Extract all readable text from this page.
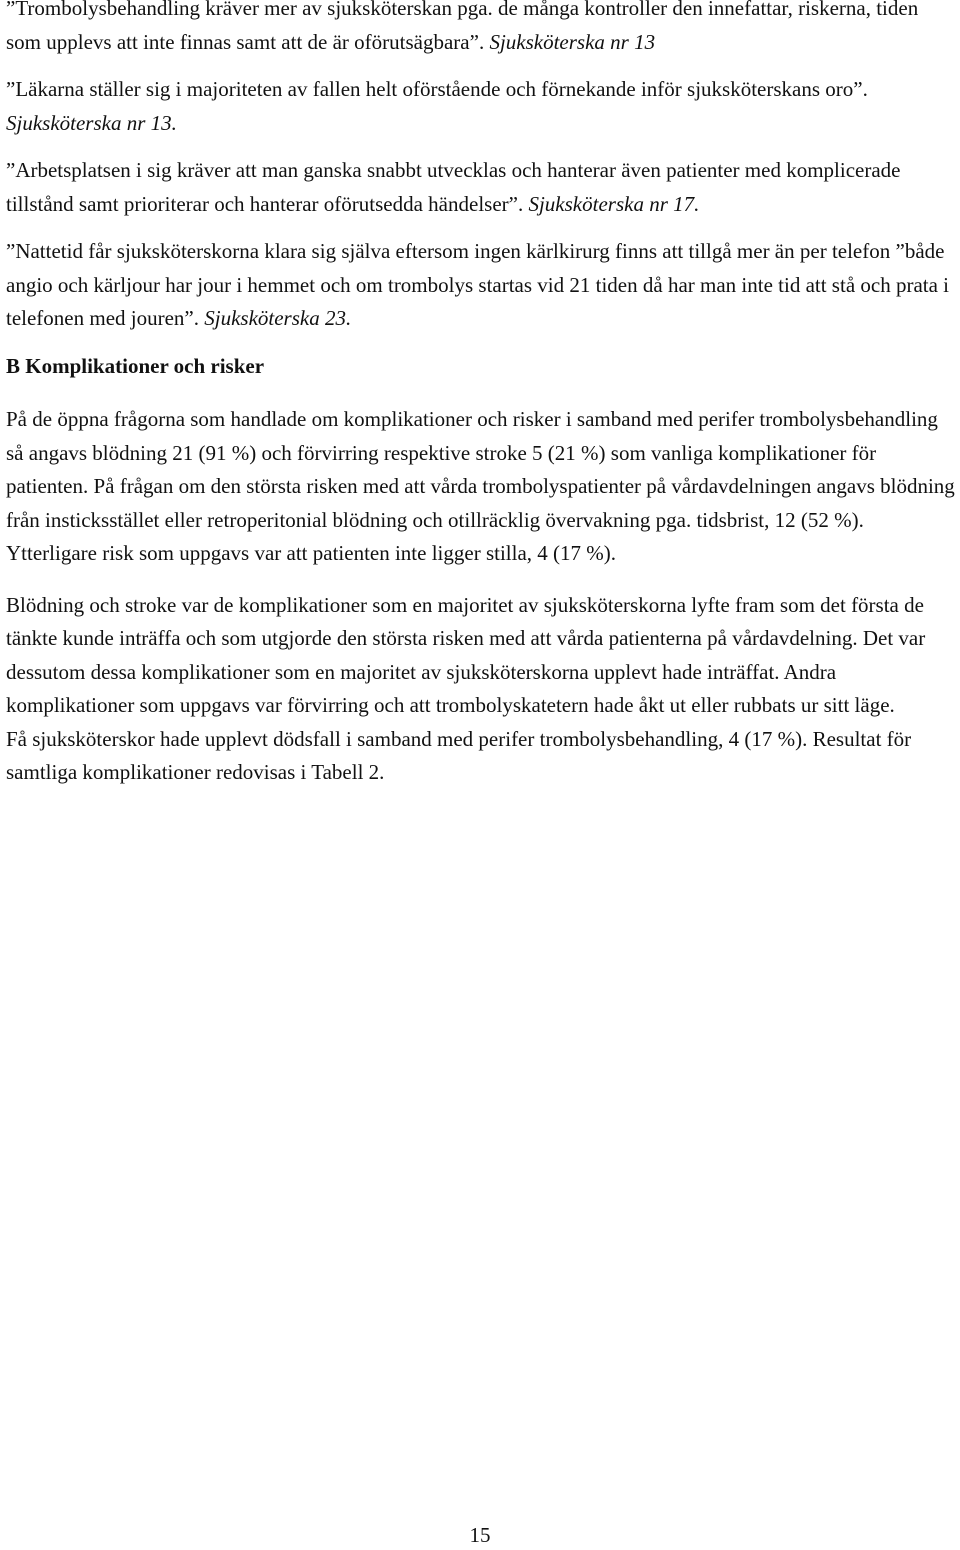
”Trombolysbehandling kräver mer av sjuksköterskan pga. de många kontroller den innefattar, riskerna, tiden som upplevs att inte finnas samt att de är oförutsägbara”. Sjuksköterska nr 13

”Läkarna ställer sig i majoriteten av fallen helt oförstående och förnekande inför sjuksköterskans oro”. Sjuksköterska nr 13.

”Arbetsplatsen i sig kräver att man ganska snabbt utvecklas och hanterar även patienter med komplicerade tillstånd samt prioriterar och hanterar oförutsedda händelser”. Sjuksköterska nr 17.

”Nattetid får sjuksköterskorna klara sig själva eftersom ingen kärlkirurg finns att tillgå mer än per telefon ”både angio och kärljour har jour i hemmet och om trombolys startas vid 21 tiden då har man inte tid att stå och prata i telefonen med jouren”. Sjuksköterska 23.

B Komplikationer och risker

På de öppna frågorna som handlade om komplikationer och risker i samband med perifer trombolysbehandling så angavs blödning 21 (91 %) och förvirring respektive stroke 5 (21 %) som vanliga komplikationer för patienten. På frågan om den största risken med att vårda trombolyspatienter på vårdavdelningen angavs blödning från insticksstället eller retroperitonial blödning och otillräcklig övervakning pga. tidsbrist, 12 (52 %). Ytterligare risk som uppgavs var att patienten inte ligger stilla, 4 (17 %).

Blödning och stroke var de komplikationer som en majoritet av sjuksköterskorna lyfte fram som det första de tänkte kunde inträffa och som utgjorde den största risken med att vårda patienterna på vårdavdelning. Det var dessutom dessa komplikationer som en majoritet av sjuksköterskorna upplevt hade inträffat. Andra komplikationer som uppgavs var förvirring och att trombolyskatetern hade åkt ut eller rubbats ur sitt läge.

Få sjuksköterskor hade upplevt dödsfall i samband med perifer trombolysbehandling, 4 (17 %). Resultat för samtliga komplikationer redovisas i Tabell 2.

15
